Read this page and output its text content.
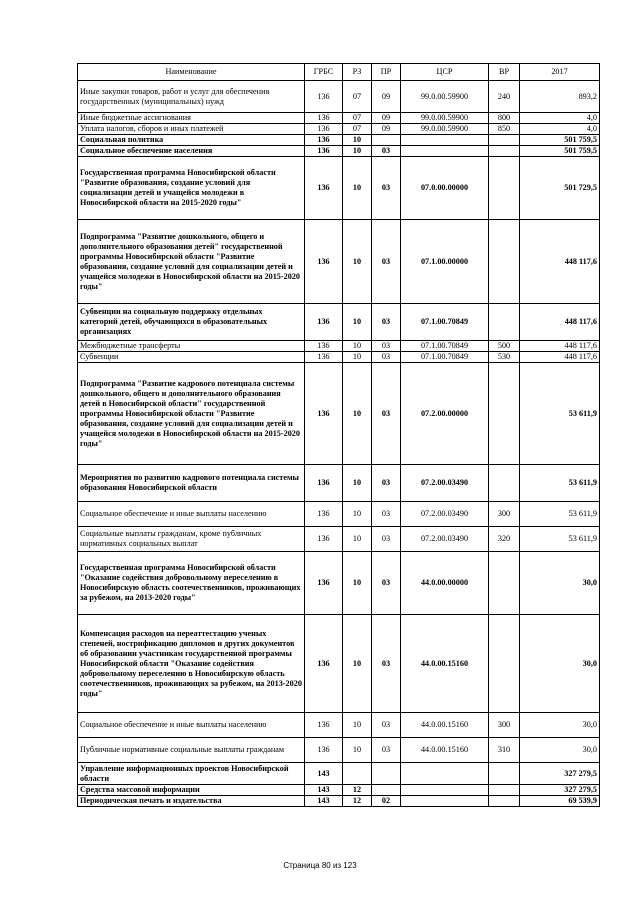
Наименование	ГРБС	РЗ	ПР	ЦСР	ВР	2017
Иные закупки товаров, работ и услуг для обеспечения государственных (муниципальных) нужд	136	07	09	99.0.00.59900	240	893,2
Иные бюджетные ассигнования	136	07	09	99.0.00.59900	800	4,0
Уплата налогов, сборов и иных платежей	136	07	09	99.0.00.59900	850	4,0
Социальная политика	136	10				501 759,5
Социальное обеспечение населения	136	10	03			501 759,5
Государственная программа Новосибирской области "Развитие образования, создание условий для социализации детей и учащейся молодежи в Новосибирской области на 2015-2020 годы"	136	10	03	07.0.00.00000		501 729,5
Подпрограмма "Развитие дошкольного, общего и дополнительного образования детей" государственной программы Новосибирской области "Развитие образования, создание условий для социализации детей и учащейся молодежи в Новосибирской области на 2015-2020 годы"	136	10	03	07.1.00.00000		448 117,6
Субвенции на социальную поддержку отдельных категорий детей, обучающихся в образовательных организациях	136	10	03	07.1.00.70849		448 117,6
Межбюджетные трансферты	136	10	03	07.1.00.70849	500	448 117,6
Субвенции	136	10	03	07.1.00.70849	530	448 117,6
Подпрограмма "Развитие кадрового потенциала системы дошкольного, общего и дополнительного образования детей в Новосибирской области" государственной программы Новосибирской области "Развитие образования, создание условий для социализации детей и учащейся молодежи в Новосибирской области на 2015-2020 годы"	136	10	03	07.2.00.00000		53 611,9
Мероприятия по развитию кадрового потенциала системы образования Новосибирской области	136	10	03	07.2.00.03490		53 611,9
Социальное обеспечение и иные выплаты населению	136	10	03	07.2.00.03490	300	53 611,9
Социальные выплаты гражданам, кроме публичных нормативных социальных выплат	136	10	03	07.2.00.03490	320	53 611,9
Государственная программа Новосибирской области "Оказание содействия добровольному переселению в Новосибирскую область соотечественников, проживающих за рубежом, на 2013-2020 годы"	136	10	03	44.0.00.00000		30,0
Компенсация расходов на переаттестацию ученых степеней, нострификацию дипломов и других документов об образовании участникам государственной программы Новосибирской области "Оказание содействия добровольному переселению в Новосибирскую область соотечественников, проживающих за рубежом, на 2013-2020 годы"	136	10	03	44.0.00.15160		30,0
Социальное обеспечение и иные выплаты населению	136	10	03	44.0.00.15160	300	30,0
Публичные нормативные социальные выплаты гражданам	136	10	03	44.0.00.15160	310	30,0
Управление информационных проектов Новосибирской области	143					327 279,5
Средства массовой информации	143	12				327 279,5
Периодическая печать и издательства	143	12	02			69 539,9
Страница 80 из 123
